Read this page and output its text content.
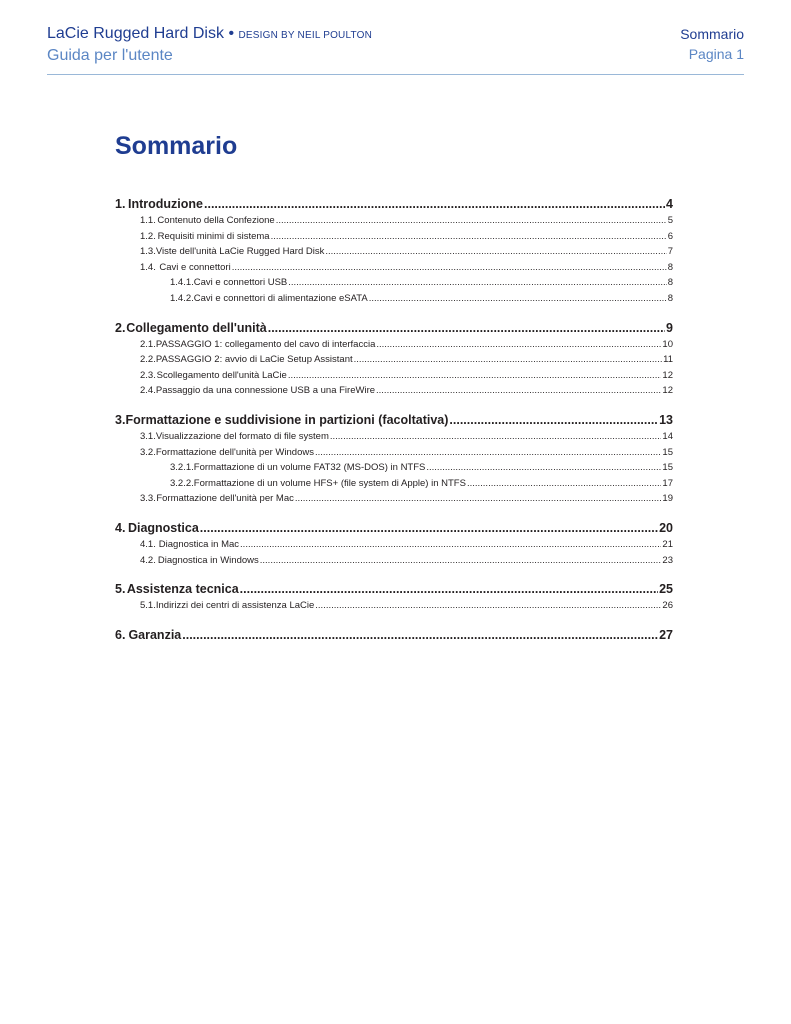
LaCie Rugged Hard Disk • DESIGN BY NEIL POULTON
Guida per l'utente
Sommario
Pagina 1
Sommario
1. Introduzione .....	4
1.1. Contenuto della Confezione .....	5
1.2. Requisiti minimi di sistema .....	6
1.3. Viste dell'unità LaCie Rugged Hard Disk .....	7
1.4. Cavi e connettori .....	8
1.4.1. Cavi e connettori USB .....	8
1.4.2. Cavi e connettori di alimentazione eSATA .....	8
2. Collegamento dell'unità .....	9
2.1. PASSAGGIO 1: collegamento del cavo di interfaccia .....	10
2.2. PASSAGGIO 2: avvio di LaCie Setup Assistant .....	11
2.3. Scollegamento dell'unità LaCie .....	12
2.4. Passaggio da una connessione USB a una FireWire .....	12
3. Formattazione e suddivisione in partizioni (facoltativa) .....	13
3.1. Visualizzazione del formato di file system .....	14
3.2. Formattazione dell'unità per Windows .....	15
3.2.1. Formattazione di un volume FAT32 (MS-DOS) in NTFS .....	15
3.2.2. Formattazione di un volume HFS+ (file system di Apple) in NTFS .....	17
3.3. Formattazione dell'unità per Mac .....	19
4. Diagnostica .....	20
4.1. Diagnostica in Mac .....	21
4.2. Diagnostica in Windows .....	23
5. Assistenza tecnica .....	25
5.1. Indirizzi dei centri di assistenza LaCie .....	26
6. Garanzia .....	27
